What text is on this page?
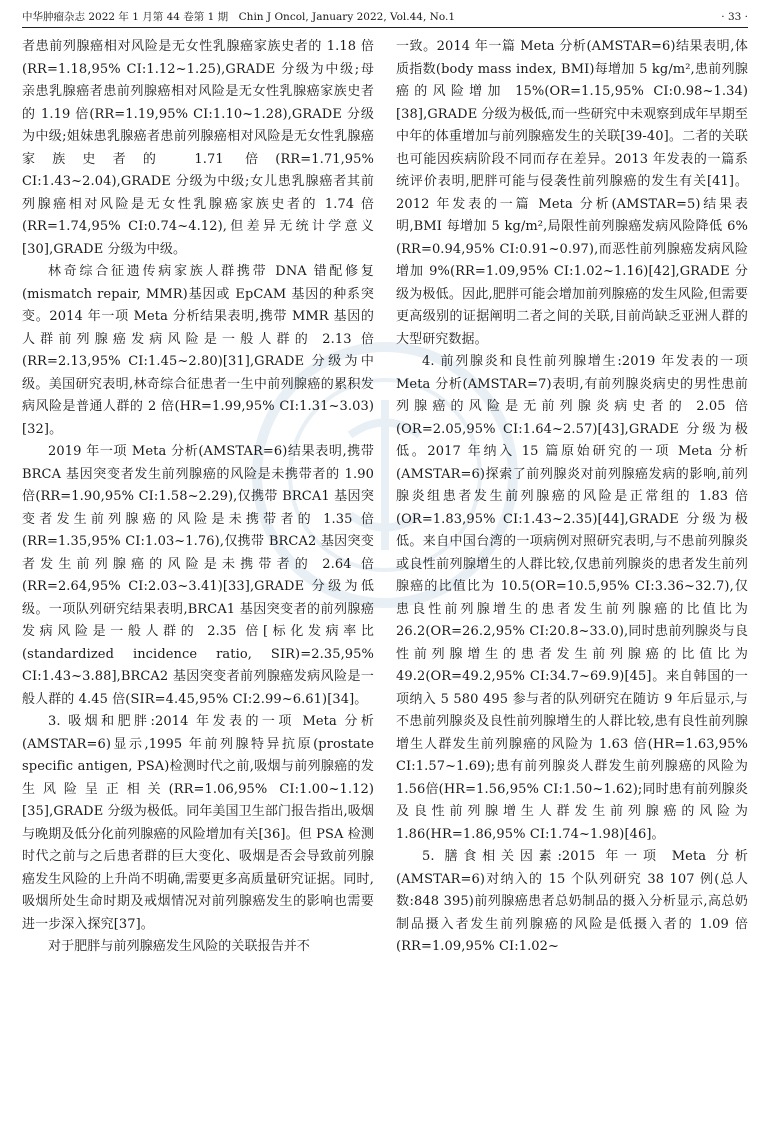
中华肿瘤杂志 2022 年 1 月第 44 卷第 1 期　Chin J Oncol, January 2022, Vol.44, No.1	· 33 ·

者患前列腺癌相对风险是无女性乳腺癌家族史者的 1.18 倍(RR=1.18,95% CI:1.12~1.25),GRADE 分级为中级;母亲患乳腺癌者患前列腺癌相对风险是无女性乳腺癌家族史者的 1.19 倍(RR=1.19,95% CI:1.10~1.28),GRADE 分级为中级;姐妹患乳腺癌者患前列腺癌相对风险是无女性乳腺癌家族史者的 1.71 倍(RR=1.71,95% CI:1.43~2.04),GRADE 分级为中级;女儿患乳腺癌者其前列腺癌相对风险是无女性乳腺癌家族史者的 1.74 倍(RR=1.74,95% CI:0.74~4.12),但差异无统计学意义[30],GRADE 分级为中级。

林奇综合征遗传病家族人群携带 DNA 错配修复(mismatch repair, MMR)基因或 EpCAM 基因的种系突变。2014 年一项 Meta 分析结果表明,携带 MMR 基因的人群前列腺癌发病风险是一般人群的 2.13 倍(RR=2.13,95% CI:1.45~2.80)[31],GRADE 分级为中级。美国研究表明,林奇综合征患者一生中前列腺癌的累积发病风险是普通人群的 2 倍(HR=1.99,95% CI:1.31~3.03)[32]。

2019 年一项 Meta 分析(AMSTAR=6)结果表明,携带 BRCA 基因突变者发生前列腺癌的风险是未携带者的 1.90 倍(RR=1.90,95% CI:1.58~2.29),仅携带 BRCA1 基因突变者发生前列腺癌的风险是未携带者的 1.35 倍(RR=1.35,95% CI:1.03~1.76),仅携带 BRCA2 基因突变者发生前列腺癌的风险是未携带者的 2.64 倍(RR=2.64,95% CI:2.03~3.41)[33],GRADE 分级为低级。一项队列研究结果表明,BRCA1 基因突变者的前列腺癌发病风险是一般人群的 2.35 倍[标化发病率比(standardized incidence ratio, SIR)=2.35,95% CI:1.43~3.88],BRCA2 基因突变者前列腺癌发病风险是一般人群的 4.45 倍(SIR=4.45,95% CI:2.99~6.61)[34]。

3. 吸烟和肥胖:2014 年发表的一项 Meta 分析(AMSTAR=6)显示,1995 年前列腺特异抗原(prostate specific antigen, PSA)检测时代之前,吸烟与前列腺癌的发生风险呈正相关(RR=1.06,95% CI:1.00~1.12)[35],GRADE 分级为极低。同年美国卫生部门报告指出,吸烟与晚期及低分化前列腺癌的风险增加有关[36]。但 PSA 检测时代之前与之后患者群的巨大变化、吸烟是否会导致前列腺癌发生风险的上升尚不明确,需要更多高质量研究证据。同时,吸烟所处生命时期及戒烟情况对前列腺癌发生的影响也需要进一步深入探究[37]。

对于肥胖与前列腺癌发生风险的关联报告并不

一致。2014 年一篇 Meta 分析(AMSTAR=6)结果表明,体质指数(body mass index, BMI)每增加 5 kg/m²,患前列腺癌的风险增加 15%(OR=1.15,95% CI:0.98~1.34)[38],GRADE 分级为极低,而一些研究中未观察到成年早期至中年的体重增加与前列腺癌发生的关联[39-40]。二者的关联也可能因疾病阶段不同而存在差异。2013 年发表的一篇系统评价表明,肥胖可能与侵袭性前列腺癌的发生有关[41]。2012 年发表的一篇 Meta 分析(AMSTAR=5)结果表明,BMI 每增加 5 kg/m²,局限性前列腺癌发病风险降低 6%(RR=0.94,95% CI:0.91~0.97),而恶性前列腺癌发病风险增加 9%(RR=1.09,95% CI:1.02~1.16)[42],GRADE 分级为极低。因此,肥胖可能会增加前列腺癌的发生风险,但需要更高级别的证据阐明二者之间的关联,目前尚缺乏亚洲人群的大型研究数据。

4. 前列腺炎和良性前列腺增生:2019 年发表的一项 Meta 分析(AMSTAR=7)表明,有前列腺炎病史的男性患前列腺癌的风险是无前列腺炎病史者的 2.05 倍(OR=2.05,95% CI:1.64~2.57)[43],GRADE 分级为极低。2017 年纳入 15 篇原始研究的一项 Meta 分析(AMSTAR=6)探索了前列腺炎对前列腺癌发病的影响,前列腺炎组患者发生前列腺癌的风险是正常组的 1.83 倍(OR=1.83,95% CI:1.43~2.35)[44],GRADE 分级为极低。来自中国台湾的一项病例对照研究表明,与不患前列腺炎或良性前列腺增生的人群比较,仅患前列腺炎的患者发生前列腺癌的比值比为 10.5(OR=10.5,95% CI:3.36~32.7),仅患良性前列腺增生的患者发生前列腺癌的比值比为 26.2(OR=26.2,95% CI:20.8~33.0),同时患前列腺炎与良性前列腺增生的患者发生前列腺癌的比值比为 49.2(OR=49.2,95% CI:34.7~69.9)[45]。来自韩国的一项纳入 5 580 495 参与者的队列研究在随访 9 年后显示,与不患前列腺炎及良性前列腺增生的人群比较,患有良性前列腺增生人群发生前列腺癌的风险为 1.63 倍(HR=1.63,95% CI:1.57~1.69);患有前列腺炎人群发生前列腺癌的风险为 1.56倍(HR=1.56,95% CI:1.50~1.62);同时患有前列腺炎及良性前列腺增生人群发生前列腺癌的风险为 1.86(HR=1.86,95% CI:1.74~1.98)[46]。

5. 膳食相关因素:2015 年一项 Meta 分析(AMSTAR=6)对纳入的 15 个队列研究 38 107 例(总人数:848 395)前列腺癌患者总奶制品的摄入分析显示,高总奶制品摄入者发生前列腺癌的风险是低摄入者的 1.09 倍(RR=1.09,95% CI:1.02~
